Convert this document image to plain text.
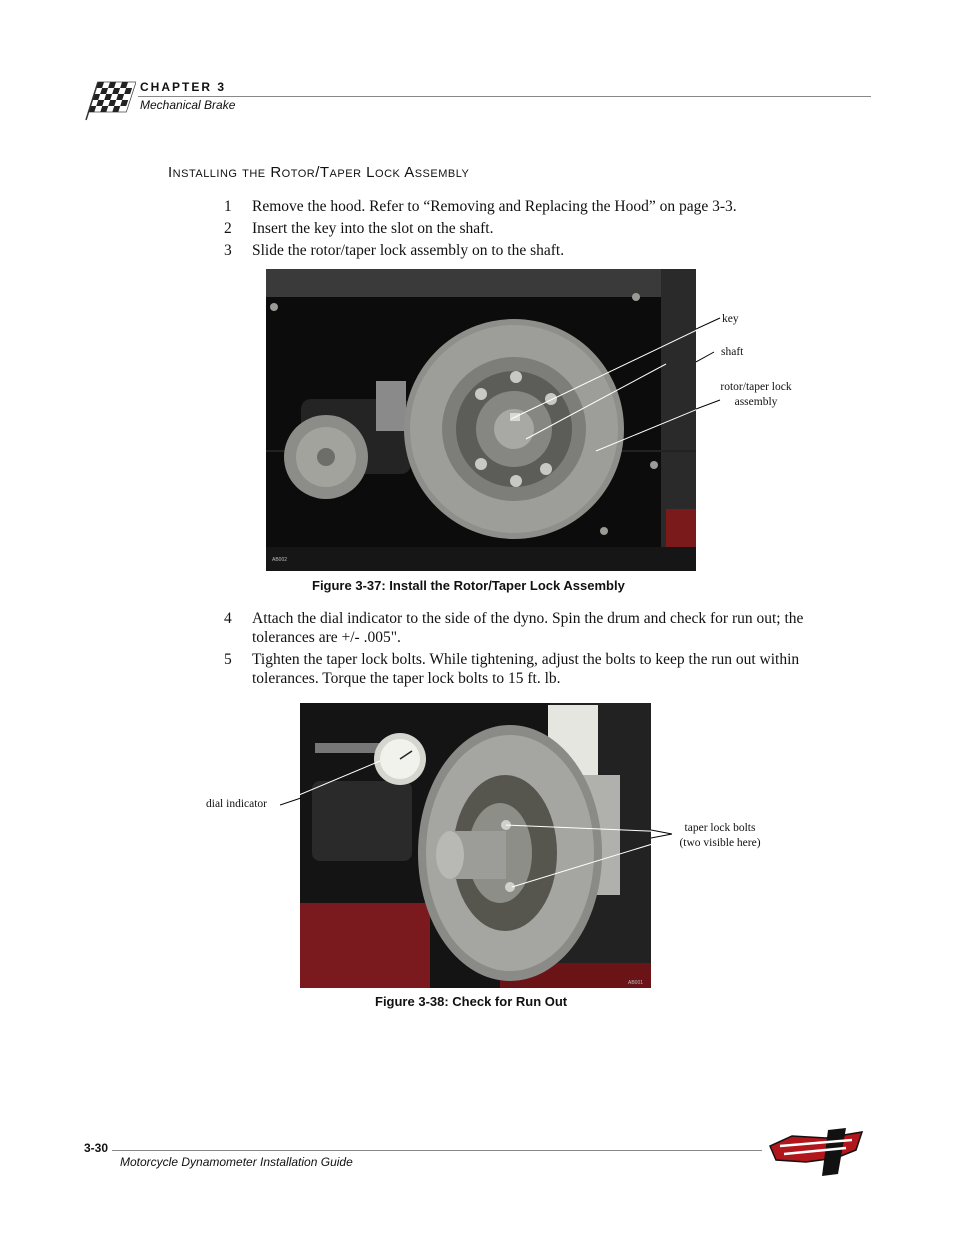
CHAPTER 3
Mechanical Brake
Installing the Rotor/Taper Lock Assembly
1 Remove the hood. Refer to “Removing and Replacing the Hood” on page 3-3.
2 Insert the key into the slot on the shaft.
3 Slide the rotor/taper lock assembly on to the shaft.
AB002
key
shaft
rotor/taper lock
assembly
Figure 3-37: Install the Rotor/Taper Lock Assembly
4 Attach the dial indicator to the side of the dyno. Spin the drum and check for run out; the tolerances are +/- .005".
5 Tighten the taper lock bolts. While tightening, adjust the bolts to keep the run out within tolerances. Torque the taper lock bolts to 15 ft. lb.
AB001
dial indicator
taper lock bolts
(two visible here)
Figure 3-38: Check for Run Out
3-30
Motorcycle Dynamometer Installation Guide
